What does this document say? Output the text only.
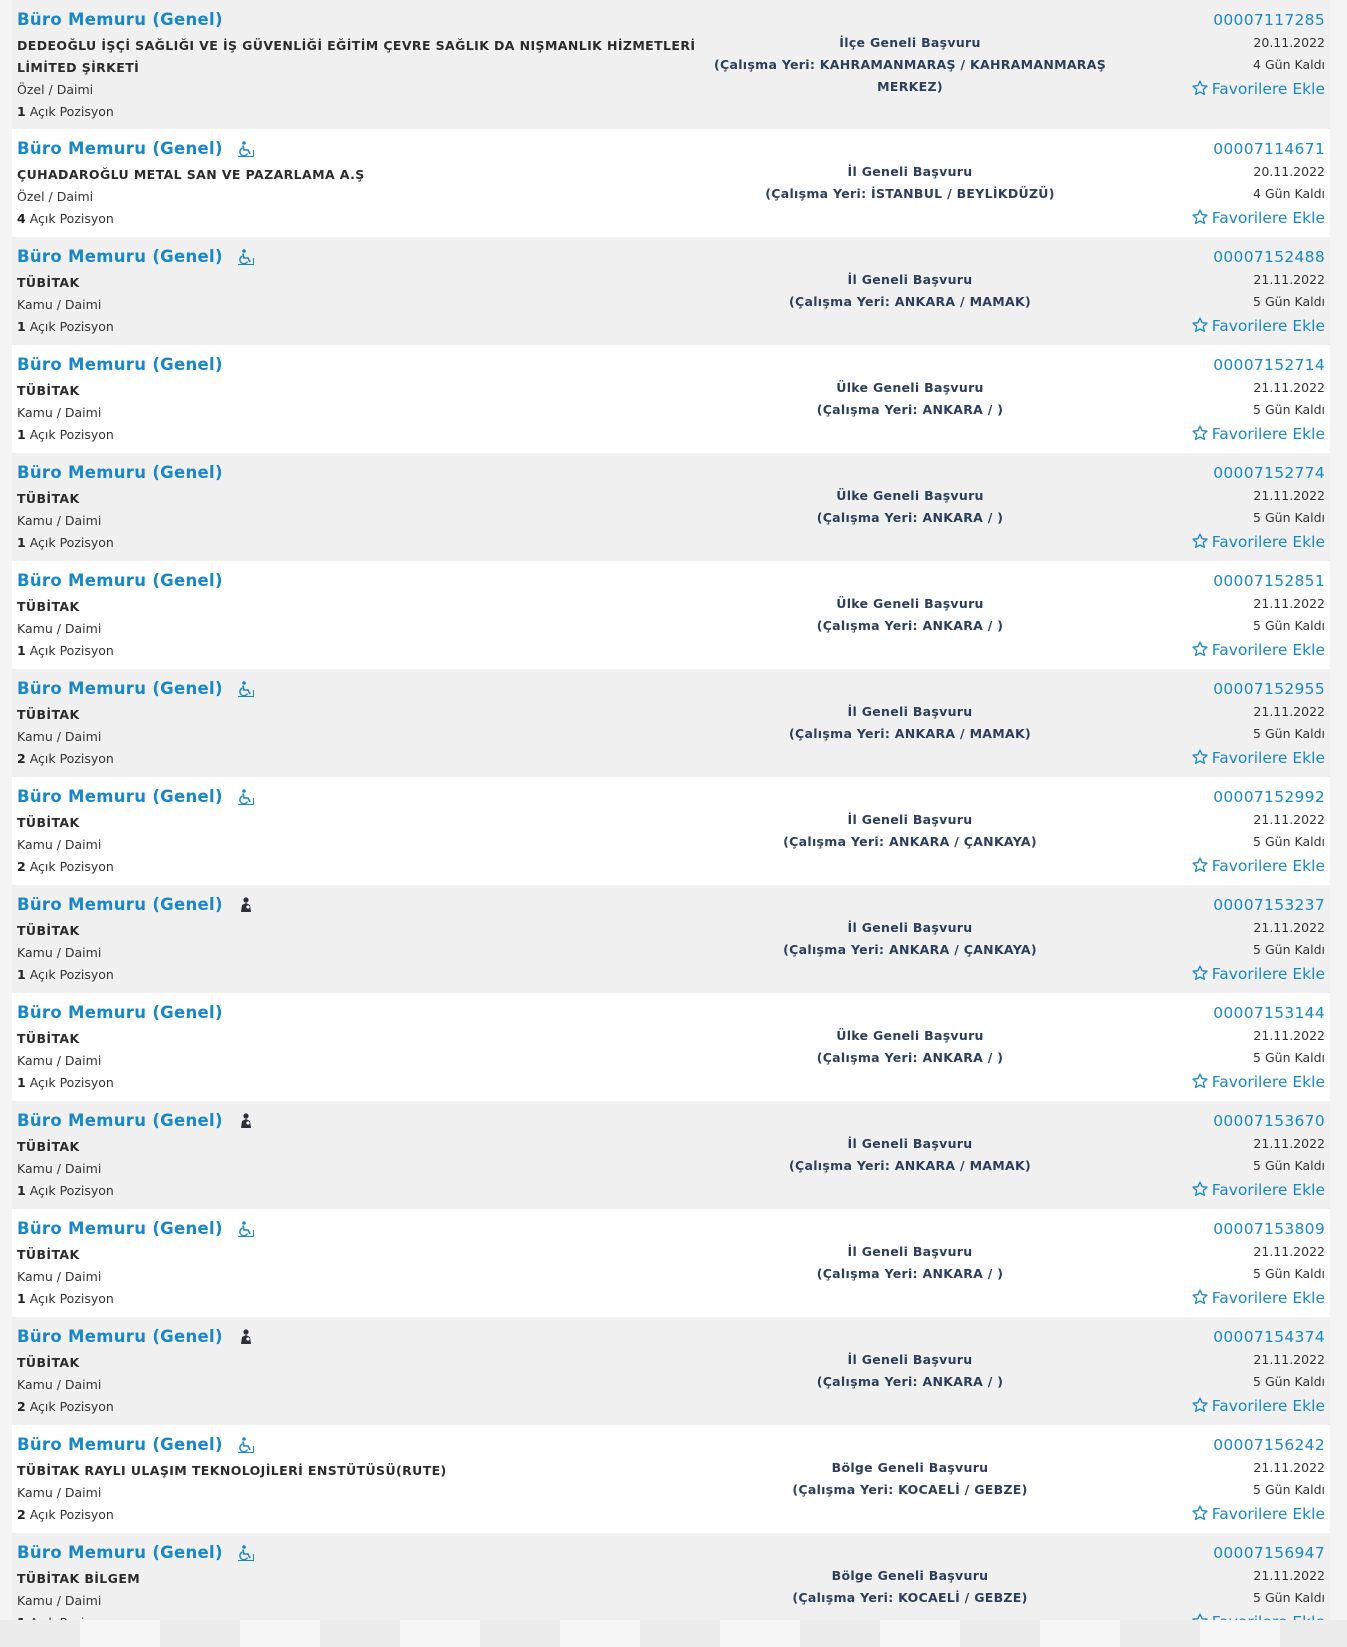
Büro Memuru (Genel)
DEDEOĞLU İŞÇİ SAĞLIĞI VE İŞ GÜVENLİĞİ EĞİTİM ÇEVRE SAĞLIK DA NIŞMANLIK HİZMETLERİ
LİMİTED ŞİRKETİ
Özel / Daimi
1 Açık Pozisyon
İlçe Geneli Başvuru
(Çalışma Yeri: KAHRAMANMARAŞ / KAHRAMANMARAŞ
MERKEZ)
00007117285
20.11.2022
4 Gün Kaldı
Favorilere Ekle
Büro Memuru (Genel)
ÇUHADAROĞLU METAL SAN VE PAZARLAMA A.Ş
Özel / Daimi
4 Açık Pozisyon
İl Geneli Başvuru
(Çalışma Yeri: İSTANBUL / BEYLİKDÜZÜ)
00007114671
20.11.2022
4 Gün Kaldı
Favorilere Ekle
Büro Memuru (Genel)
TÜBİTAK
Kamu / Daimi
1 Açık Pozisyon
İl Geneli Başvuru
(Çalışma Yeri: ANKARA / MAMAK)
00007152488
21.11.2022
5 Gün Kaldı
Favorilere Ekle
Büro Memuru (Genel)
TÜBİTAK
Kamu / Daimi
1 Açık Pozisyon
Ülke Geneli Başvuru
(Çalışma Yeri: ANKARA / )
00007152714
21.11.2022
5 Gün Kaldı
Favorilere Ekle
Büro Memuru (Genel)
TÜBİTAK
Kamu / Daimi
1 Açık Pozisyon
Ülke Geneli Başvuru
(Çalışma Yeri: ANKARA / )
00007152774
21.11.2022
5 Gün Kaldı
Favorilere Ekle
Büro Memuru (Genel)
TÜBİTAK
Kamu / Daimi
1 Açık Pozisyon
Ülke Geneli Başvuru
(Çalışma Yeri: ANKARA / )
00007152851
21.11.2022
5 Gün Kaldı
Favorilere Ekle
Büro Memuru (Genel)
TÜBİTAK
Kamu / Daimi
2 Açık Pozisyon
İl Geneli Başvuru
(Çalışma Yeri: ANKARA / MAMAK)
00007152955
21.11.2022
5 Gün Kaldı
Favorilere Ekle
Büro Memuru (Genel)
TÜBİTAK
Kamu / Daimi
2 Açık Pozisyon
İl Geneli Başvuru
(Çalışma Yeri: ANKARA / ÇANKAYA)
00007152992
21.11.2022
5 Gün Kaldı
Favorilere Ekle
Büro Memuru (Genel)
TÜBİTAK
Kamu / Daimi
1 Açık Pozisyon
İl Geneli Başvuru
(Çalışma Yeri: ANKARA / ÇANKAYA)
00007153237
21.11.2022
5 Gün Kaldı
Favorilere Ekle
Büro Memuru (Genel)
TÜBİTAK
Kamu / Daimi
1 Açık Pozisyon
Ülke Geneli Başvuru
(Çalışma Yeri: ANKARA / )
00007153144
21.11.2022
5 Gün Kaldı
Favorilere Ekle
Büro Memuru (Genel)
TÜBİTAK
Kamu / Daimi
1 Açık Pozisyon
İl Geneli Başvuru
(Çalışma Yeri: ANKARA / MAMAK)
00007153670
21.11.2022
5 Gün Kaldı
Favorilere Ekle
Büro Memuru (Genel)
TÜBİTAK
Kamu / Daimi
1 Açık Pozisyon
İl Geneli Başvuru
(Çalışma Yeri: ANKARA / )
00007153809
21.11.2022
5 Gün Kaldı
Favorilere Ekle
Büro Memuru (Genel)
TÜBİTAK
Kamu / Daimi
2 Açık Pozisyon
İl Geneli Başvuru
(Çalışma Yeri: ANKARA / )
00007154374
21.11.2022
5 Gün Kaldı
Favorilere Ekle
Büro Memuru (Genel)
TÜBİTAK RAYLI ULAŞIM TEKNOLOJİLERİ ENSTÜTÜSÜ(RUTE)
Kamu / Daimi
2 Açık Pozisyon
Bölge Geneli Başvuru
(Çalışma Yeri: KOCAELİ / GEBZE)
00007156242
21.11.2022
5 Gün Kaldı
Favorilere Ekle
Büro Memuru (Genel)
TÜBİTAK BİLGEM
Kamu / Daimi
Bölge Geneli Başvuru
(Çalışma Yeri: KOCAELİ / GEBZE)
00007156947
21.11.2022
5 Gün Kaldı
